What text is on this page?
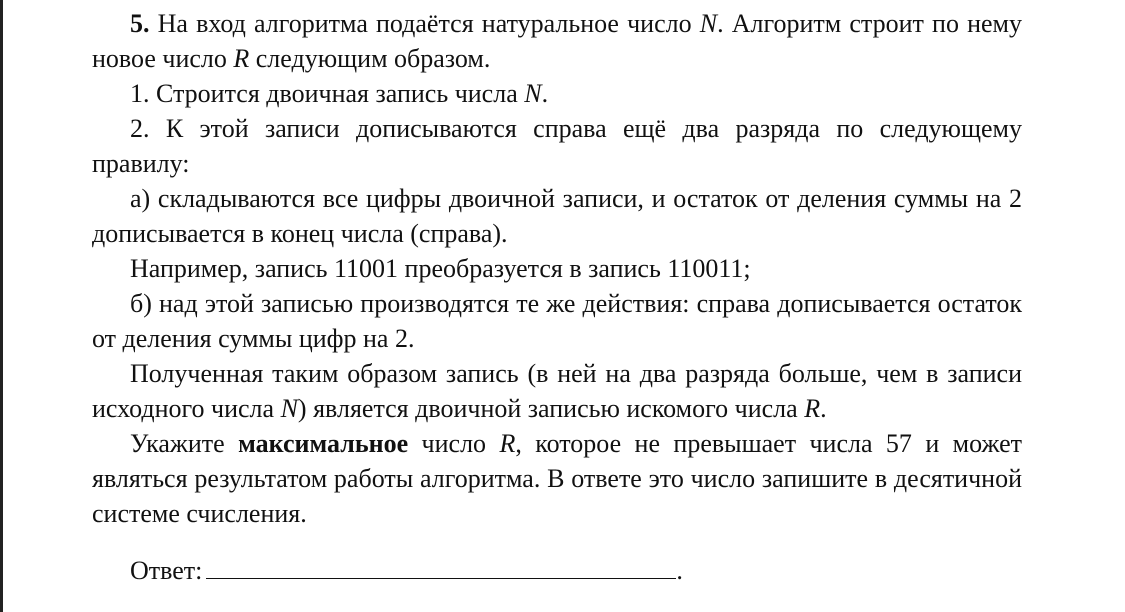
5. На вход алгоритма подаётся натуральное число N. Алгоритм строит по нему новое число R следующим образом.

1. Строится двоичная запись числа N.

2. К этой записи дописываются справа ещё два разряда по следующему правилу:

а) складываются все цифры двоичной записи, и остаток от деления суммы на 2 дописывается в конец числа (справа).

Например, запись 11001 преобразуется в запись 110011;

б) над этой записью производятся те же действия: справа дописывается остаток от деления суммы цифр на 2.

Полученная таким образом запись (в ней на два разряда больше, чем в записи исходного числа N) является двоичной записью искомого числа R.

Укажите максимальное число R, которое не превышает числа 57 и может являться результатом работы алгоритма. В ответе это число запишите в десятичной системе счисления.

Ответ:	.
